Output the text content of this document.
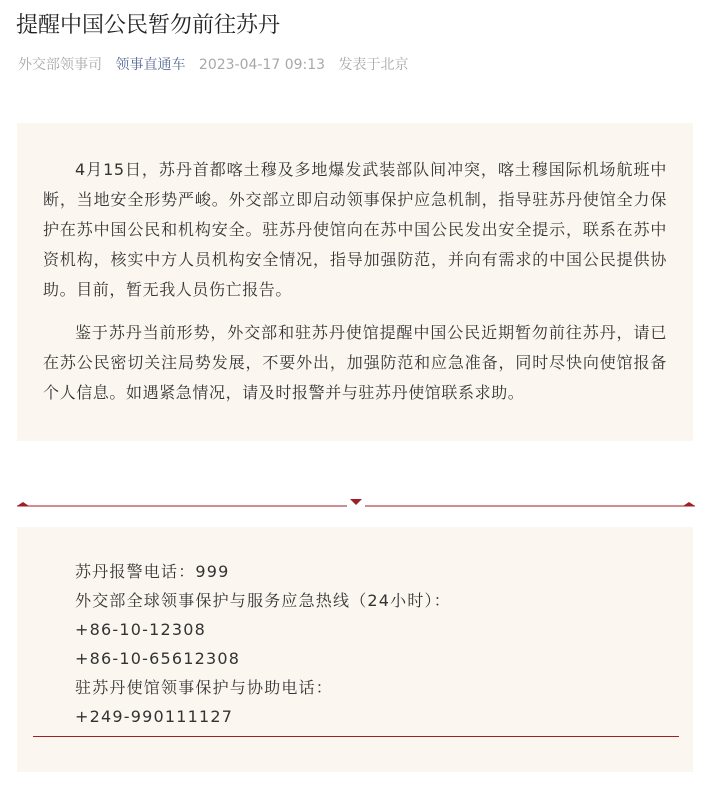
提醒中国公民暂勿前往苏丹
外交部领事司 领事直通车 2023-04-17 09:13 发表于北京

4月15日，苏丹首都喀土穆及多地爆发武装部队间冲突，喀土穆国际机场航班中断，当地安全形势严峻。外交部立即启动领事保护应急机制，指导驻苏丹使馆全力保护在苏中国公民和机构安全。驻苏丹使馆向在苏中国公民发出安全提示，联系在苏中资机构，核实中方人员机构安全情况，指导加强防范，并向有需求的中国公民提供协助。目前，暂无我人员伤亡报告。

鉴于苏丹当前形势，外交部和驻苏丹使馆提醒中国公民近期暂勿前往苏丹，请已在苏公民密切关注局势发展，不要外出，加强防范和应急准备，同时尽快向使馆报备个人信息。如遇紧急情况，请及时报警并与驻苏丹使馆联系求助。

苏丹报警电话：999
外交部全球领事保护与服务应急热线（24小时）：
+86-10-12308
+86-10-65612308
驻苏丹使馆领事保护与协助电话：
+249-990111127
